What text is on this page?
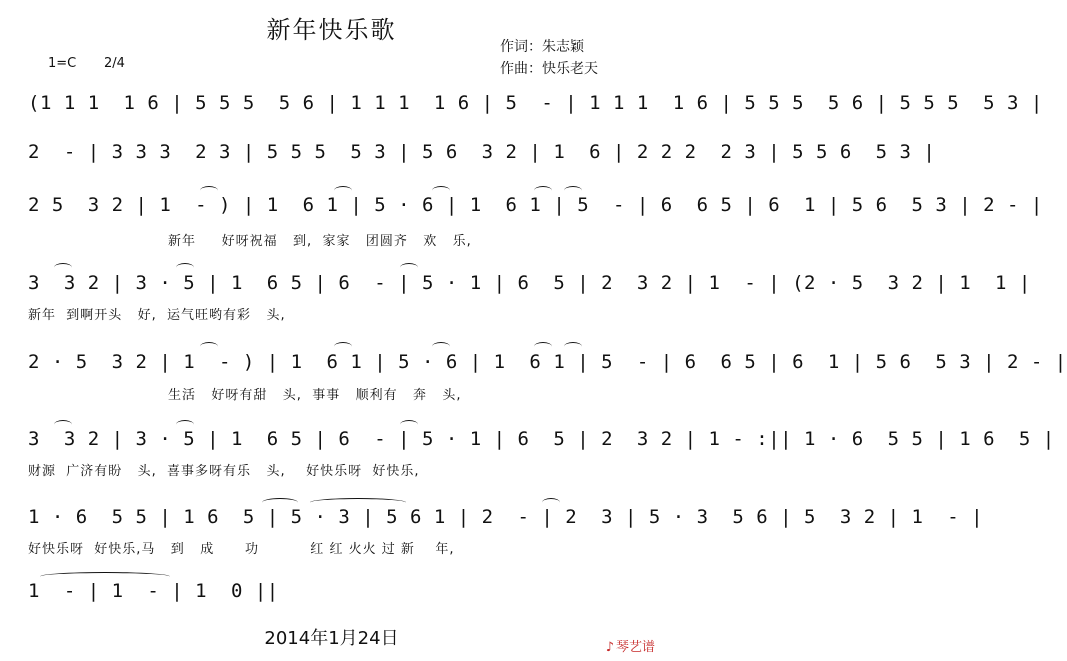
新年快乐歌
作词：朱志颖
作曲：快乐老天
1=C 2/4
(1 1 1  1 6 | 5 5 5  5 6 | 1 1 1  1 6 | 5  - | 1 1 1  1 6 | 5 5 5  5 6 | 5 5 5  5 3 |
2  - | 3 3 3  2 3 | 5 5 5  5 3 | 5 6  3 2 | 1  6 | 2 2 2  2 3 | 5 5 6  5 3 |
2 5  3 2 | 1  - ) | 1  6 1 | 5 · 6 | 1  6 1 | 5  - | 6  6 5 | 6  1 | 5 6  5 3 | 2 - |
新年     好呀祝福   到,  家家   团圆齐   欢   乐,
3  3 2 | 3 · 5 | 1  6 5 | 6  - | 5 · 1 | 6  5 | 2  3 2 | 1  - | (2 · 5  3 2 | 1  1 |
新年  到啊开头   好,  运气旺哟有彩   头,
2 · 5  3 2 | 1  - ) | 1  6 1 | 5 · 6 | 1  6 1 | 5  - | 6  6 5 | 6  1 | 5 6  5 3 | 2 - |
生活   好呀有甜   头,  事事   顺利有   奔   头,
3  3 2 | 3 · 5 | 1  6 5 | 6  - | 5 · 1 | 6  5 | 2  3 2 | 1 - :|| 1 · 6  5 5 | 1 6  5 |
财源  广济有盼   头,  喜事多呀有乐   头,    好快乐呀  好快乐,
1 · 6  5 5 | 1 6  5 | 5 · 3 | 5 6 1 | 2  - | 2  3 | 5 · 3  5 6 | 5  3 2 | 1  - |
好快乐呀  好快乐,马   到   成      功          红 红 火火 过 新    年,
1  - | 1  - | 1  0 ||
2014年1月24日	♪ 琴艺谱
